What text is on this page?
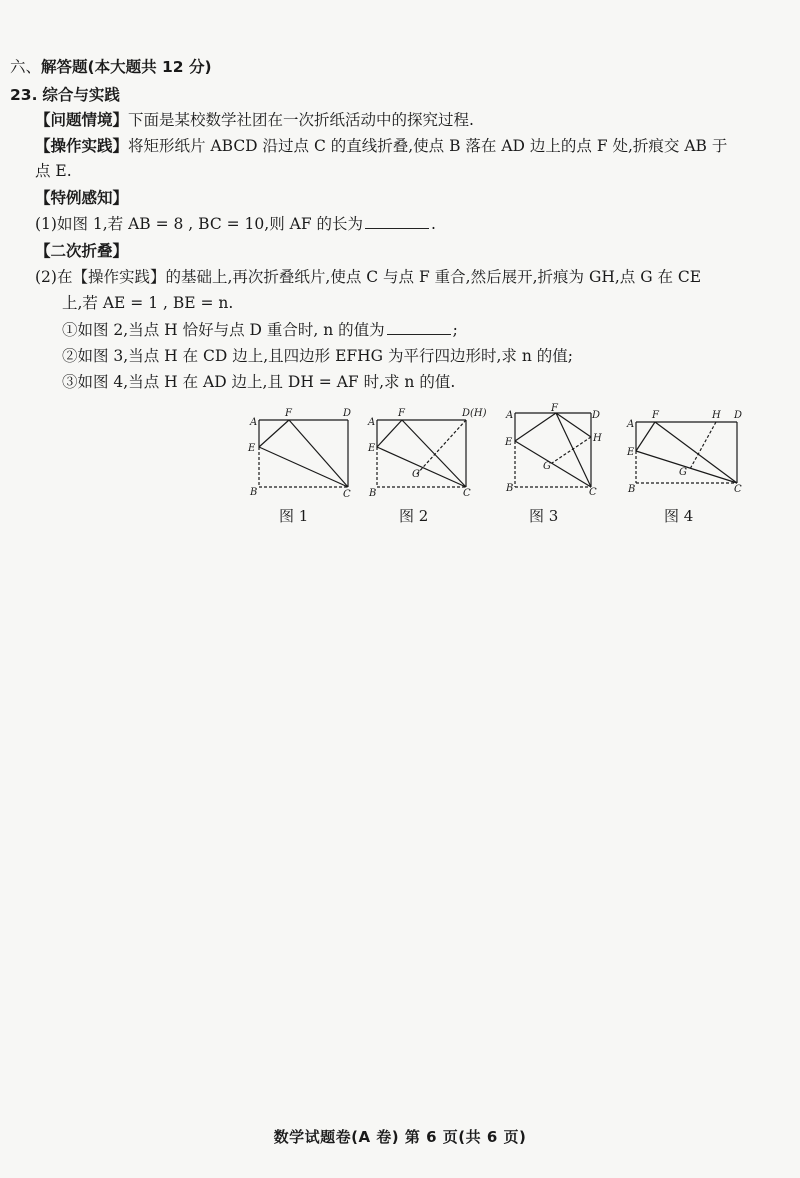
六、解答题(本大题共 12 分)
23. 综合与实践
【问题情境】下面是某校数学社团在一次折纸活动中的探究过程.
【操作实践】将矩形纸片 ABCD 沿过点 C 的直线折叠,使点 B 落在 AD 边上的点 F 处,折痕交 AB 于
点 E.
【特例感知】
(1)如图 1,若 AB = 8 , BC = 10,则 AF 的长为	.
【二次折叠】
(2)在【操作实践】的基础上,再次折叠纸片,使点 C 与点 F 重合,然后展开,折痕为 GH,点 G 在 CE
上,若 AE = 1 , BE = n.
①如图 2,当点 H 恰好与点 D 重合时, n 的值为	;
②如图 3,当点 H 在 CD 边上,且四边形 EFHG 为平行四边形时,求 n 的值;
③如图 4,当点 H 在 AD 边上,且 DH = AF 时,求 n 的值.
A
F	D
E
B	C
A
F	D(H)
E
G
B	C
A
F
D
E	H
G
B	C
A
F	H D
E
G
B	C
图 1	图 2	图 3	图 4
数学试题卷(A 卷) 第 6 页(共 6 页)
